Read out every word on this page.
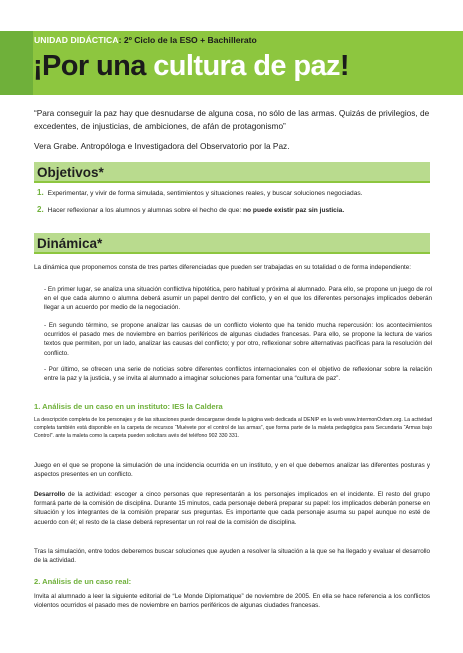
UNIDAD DIDÁCTICA: 2º Ciclo de la ESO + Bachillerato
¡Por una cultura de paz!
“Para conseguir la paz hay que desnudarse de alguna cosa, no sólo de las armas. Quizás de privilegios, de excedentes, de injusticias, de ambiciones, de afán de protagonismo”
Vera Grabe. Antropóloga e Investigadora del Observatorio por la Paz.
Objetivos*
1. Experimentar, y vivir de forma simulada, sentimientos y situaciones reales, y buscar soluciones negociadas.
2. Hacer reflexionar a los alumnos y alumnas sobre el hecho de que: no puede existir paz sin justicia.
Dinámica*
La dinámica que proponemos consta de tres partes diferenciadas que pueden ser trabajadas en su totalidad o de forma independiente:
- En primer lugar, se analiza una situación conflictiva hipotética, pero habitual y próxima al alumnado. Para ello, se propone un juego de rol en el que cada alumno o alumna deberá asumir un papel dentro del conflicto, y en el que los diferentes personajes implicados deberán llegar a un acuerdo por medio de la negociación.
- En segundo término, se propone analizar las causas de un conflicto violento que ha tenido mucha repercusión: los acontecimientos ocurridos el pasado mes de noviembre en barrios periféricos de algunas ciudades francesas. Para ello, se propone la lectura de varios textos que permiten, por un lado, analizar las causas del conflicto; y por otro, reflexionar sobre alternativas pacíficas para la resolución del conflicto.
- Por último, se ofrecen una serie de noticias sobre diferentes conflictos internacionales con el objetivo de reflexionar sobre la relación entre la paz y la justicia, y se invita al alumnado a imaginar soluciones para fomentar una “cultura de paz”.
1. Análisis de un caso en un instituto: IES la Caldera
La descripción completa de los personajes y de las situaciones puede descargarse desde la página web dedicada al DENIP en la web www.IntermonOxfam.org. La actividad completa también está disponible en la carpeta de recursos “Muévete por el control de las armas”, que forma parte de la maleta pedagógica para Secundaria “Armas bajo Control”. ante la maleta como la carpeta pueden solicitars avés del teléfono 902 330 331.
Juego en el que se propone la simulación de una incidencia ocurrida en un instituto, y en el que debemos analizar las diferentes posturas y aspectos presentes en un conflicto.
Desarrollo de la actividad: escoger a cinco personas que representarán a los personajes implicados en el incidente. El resto del grupo formará parte de la comisión de disciplina. Durante 15 minutos, cada personaje deberá preparar su papel: los implicados deberán ponerse en situación y los integrantes de la comisión preparar sus preguntas. Es importante que cada personaje asuma su papel aunque no esté de acuerdo con él; el resto de la clase deberá representar un rol real de la comisión de disciplina.
Tras la simulación, entre todos deberemos buscar soluciones que ayuden a resolver la situación a la que se ha llegado y evaluar el desarrollo de la actividad.
2. Análisis de un caso real:
Invita al alumnado a leer la siguiente editorial de “Le Monde Diplomatique” de noviembre de 2005. En ella se hace referencia a los conflictos violentos ocurridos el pasado mes de noviembre en barrios periféricos de algunas ciudades francesas.
